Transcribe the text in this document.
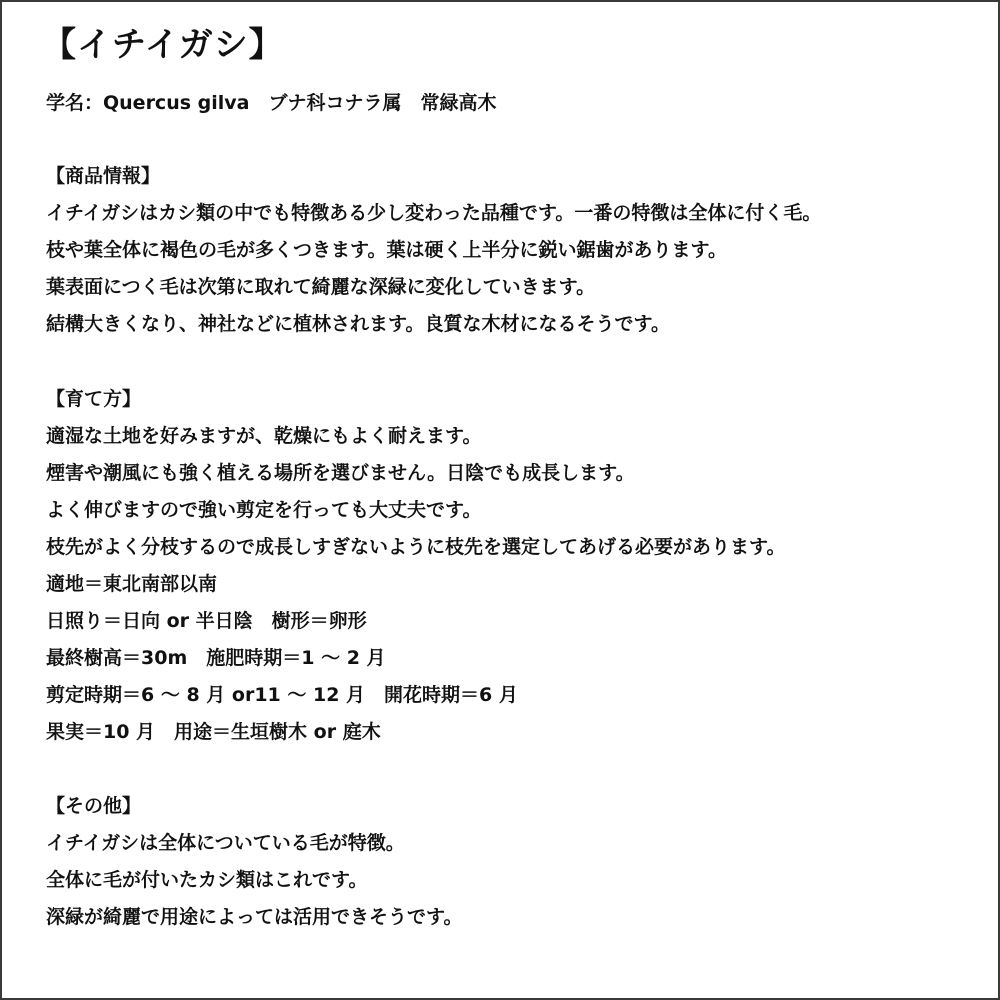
【イチイガシ】

学名：Quercus gilva　ブナ科コナラ属　常緑高木

【商品情報】

イチイガシはカシ類の中でも特徴ある少し変わった品種です。一番の特徴は全体に付く毛。

枝や葉全体に褐色の毛が多くつきます。葉は硬く上半分に鋭い鋸歯があります。

葉表面につく毛は次第に取れて綺麗な深緑に変化していきます。

結構大きくなり、神社などに植林されます。良質な木材になるそうです。

【育て方】

適湿な土地を好みますが、乾燥にもよく耐えます。

煙害や潮風にも強く植える場所を選びません。日陰でも成長します。

よく伸びますので強い剪定を行っても大丈夫です。

枝先がよく分枝するので成長しすぎないように枝先を選定してあげる必要があります。

適地＝東北南部以南

日照り＝日向 or 半日陰　樹形＝卵形

最終樹高＝30m　施肥時期＝1 ～ 2 月

剪定時期＝6 ～ 8 月 or11 ～ 12 月　開花時期＝6 月

果実＝10 月　用途＝生垣樹木 or 庭木

【その他】

イチイガシは全体についている毛が特徴。

全体に毛が付いたカシ類はこれです。

深緑が綺麗で用途によっては活用できそうです。
